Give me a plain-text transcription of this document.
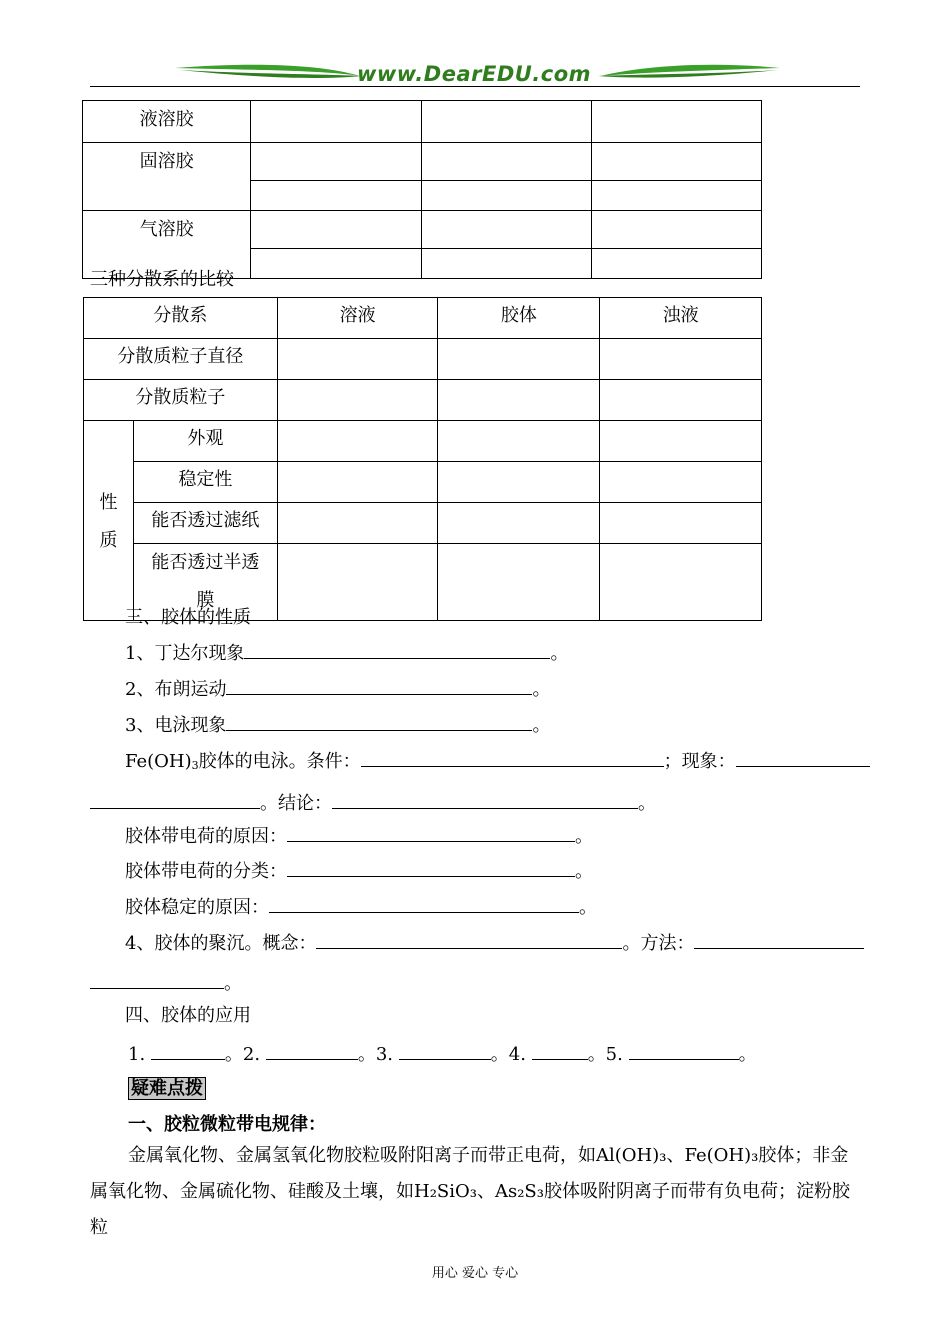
www.DearEDU.com
液溶胶			
固溶胶			

气溶胶			

三种分散系的比较
分散系		溶液	胶体	浊液
分散质粒子直径				
分散质粒子				

性
质	外观			
	稳定性			
	能否透过滤纸			

	能否透过半透
膜			

三、胶体的性质
1、丁达尔现象	。
2、布朗运动	。
3、电泳现象	。
Fe(OH)3胶体的电泳。条件：	；现象：
。结论：	。
胶体带电荷的原因：	。
胶体带电荷的分类：	。
胶体稳定的原因：	。
4、胶体的聚沉。概念：	。方法：
。
四、胶体的应用
1.	。2.	。3.	。4.	。5.	。
疑难点拨
一、胶粒微粒带电规律：
金属氧化物、金属氢氧化物胶粒吸附阳离子而带正电荷，如Al(OH)₃、Fe(OH)₃胶体；非金属氧化物、金属硫化物、硅酸及土壤，如H₂SiO₃、As₂S₃胶体吸附阴离子而带有负电荷；淀粉胶粒
用心 爱心 专心
